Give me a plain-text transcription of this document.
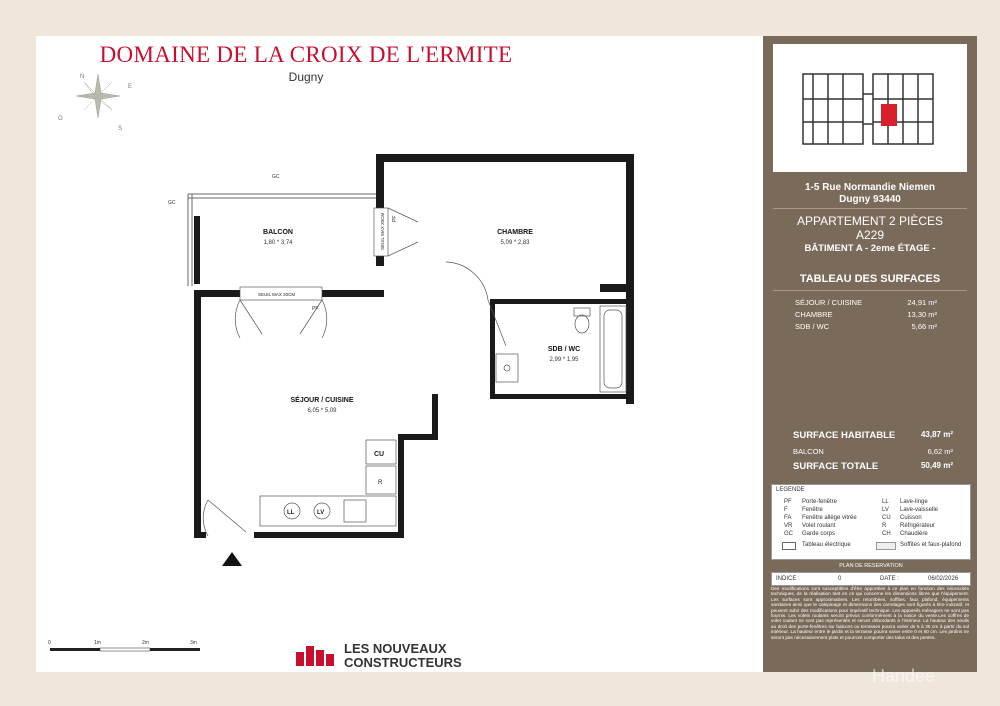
DOMAINE DE LA CROIX DE L'ERMITE
Dugny
N
E
O
S
GC
GC
SEUIL MAX 20CM
SEUIL MAX 20CM PF
PF
CU
R
LL	LV
BALCON
1,80 * 3,74
CHAMBRE
5,09 * 2,83
SDB / WC
2,99 * 1,95
SÉJOUR / CUISINE
6,05 * 5,09
0	1m	2m	3m	LES NOUVEAUX
CONSTRUCTEURS
1-5 Rue Normandie Niemen
Dugny 93440
APPARTEMENT 2 PIÈCES
A229
BÂTIMENT A - 2eme ÉTAGE -
TABLEAU DES SURFACES
SÉJOUR / CUISINE	24,91 m²
CHAMBRE	13,30 m²
SDB / WC	5,66 m²
SURFACE HABITABLE	43,87 m²
BALCON	6,62 m²
SURFACE TOTALE	50,49 m²
LEGENDE
PF Porte-fenêtre
F Fenêtre
FA Fenêtre allège vitrée
VR Volet roulant
GC Garde corps
LL Lave-linge
LV Lave-vaisselle
CU Cuisson
R Réfrigérateur
CH Chaudière
Tableau électrique	Soffites et faux-plafond
PLAN DE RESERVATION
INDICE :	0	DATE :	06/02/2026
Des modifications sont susceptibles d'être apportées à ce plan en fonction des nécessités techniques, de la réalisation tant en ce qui concerne les dimensions libres que l'équipement. Les surfaces sont approximatives. Les retombées, soffites, faux plafond, équipements sanitaires ainsi que le calepinage et dimensions des carrelages sont figurés à titre indicatif, et peuvent subir des modifications pour impératif technique. Les appareils ménagers ne sont pas fournis. Les volets roulants seront prévus conformément à la notice du vente.Les coffres de volet roulant ne sont pas représentés et seront débordants à l'intérieur. La hauteur des seuils au droit des porte-fenêtres sur balcons ou terrasses pourra varier de 5 à 35 cm à partir du sol intérieur. La hauteur entre le jardin et la terrasse pourra varier entre 0 et 60 cm. Les jardins ne seront pas nécessairement plats et pourront comporter des talus et des pentes.
Handee
